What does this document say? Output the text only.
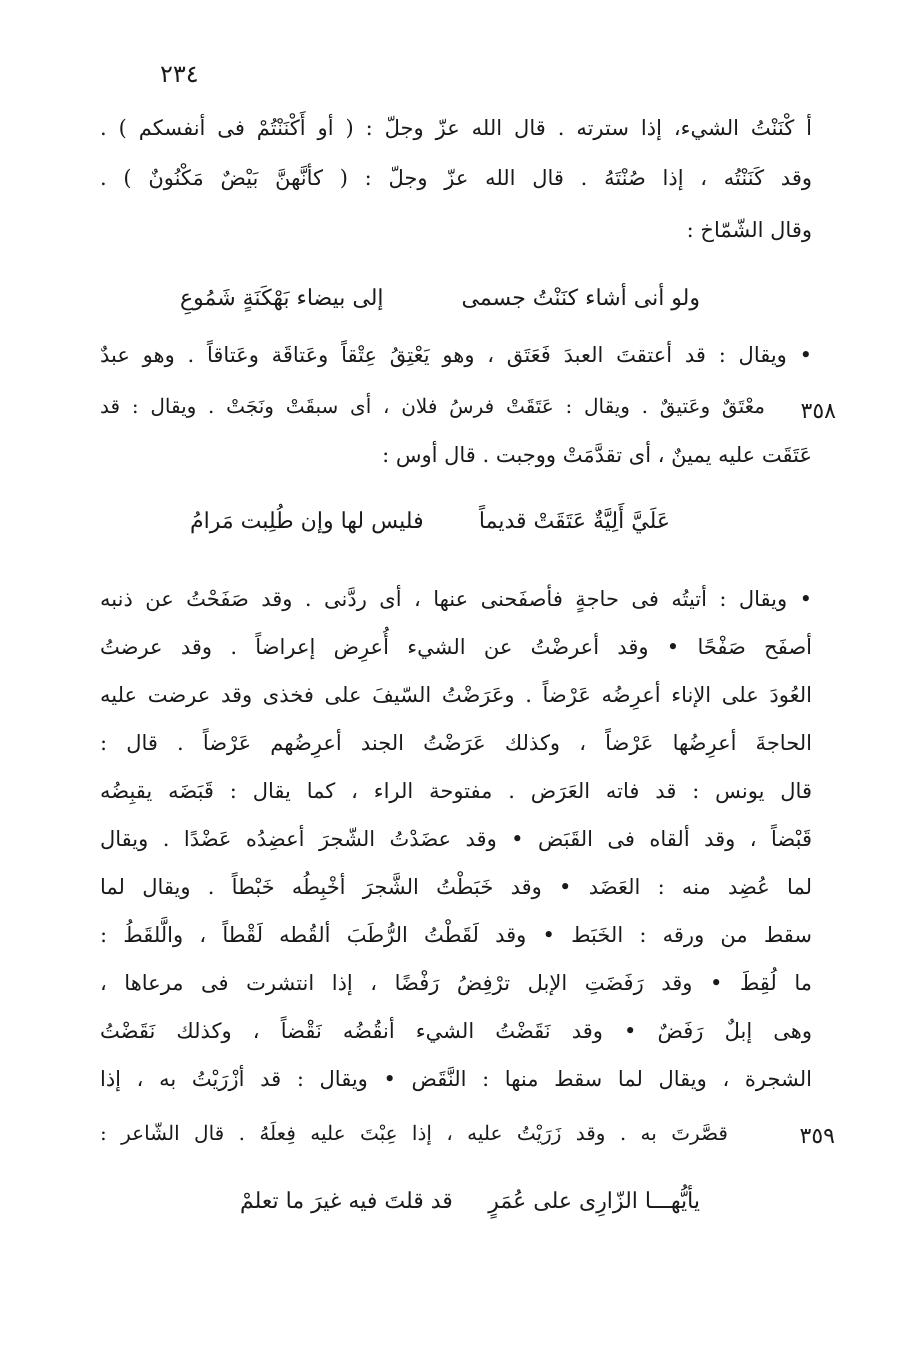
٢٣٤
أ كْنَنْتُ الشيء، إذا سترته . قال الله عزّ وجلّ : ( أو أَكْنَنْتُمْ فى أنفسكم ) .
وقد كَنَنْتُه ، إذا صُنْتَهُ . قال الله عزّ وجلّ : ( كأنَّهنَّ بَيْضٌ مَكْنُونٌ ) .
وقال الشّمّاخ :
ولو أنى أشاء كنَنْتُ جسمى
إلى بيضاء بَهْكَنَةٍ شَمُوعِ
• ويقال : قد أعتقتَ العبدَ فَعَتَق ، وهو يَعْتِقُ عِتْقاً وعَتاقَة وعَتاقاً . وهو عبدٌ
معْتَقٌ وعَتيقٌ . ويقال : عَتَقَتْ فرسُ فلان ، أى سبقَتْ ونَجَتْ . ويقال : قد	٣٥٨
عَتَقَت عليه يمينٌ ، أى تقدَّمَتْ ووجبت . قال أوس :
عَلَيَّ أَلِيَّةٌ عَتَقَتْ قديماً
فليس لها وإن طُلِبت مَرامُ
• ويقال : أتيتُه فى حاجةٍ فأصفَحنى عنها ، أى ردَّنى . وقد صَفَحْتُ عن ذنبه
أصفَح صَفْحًا • وقد أعرضْتُ عن الشيء أُعرِض إعراضاً . وقد عرضتُ
العُودَ على الإناء أعرِضُه عَرْضاً . وعَرَضْتُ السّيفَ على فخذى وقد عرضت عليه
الحاجةَ أعرِضُها عَرْضاً ، وكذلك عَرَضْتُ الجند أعرِضُهم عَرْضاً . قال :
قال يونس : قد فاته العَرَض . مفتوحة الراء ، كما يقال : قَبَضَه يقبِضُه
قَبْضاً ، وقد ألقاه فى القَبَض • وقد عضَدْتُ الشّجرَ أعضِدُه عَضْدًا . ويقال
لما عُضِد منه : العَضَد • وقد خَبَطْتُ الشَّجرَ أخْبِطُه خَبْطاً . ويقال لما
سقط من ورقه : الخَبَط • وقد لَقَطْتُ الرُّطَبَ ألقُطه لَقْطاً ، والَّلقَطُ :
ما لُقِطَ • وقد رَفَضَتِ الإبل ترْفِضُ رَفْضًا ، إذا انتشرت فى مرعاها ،
وهى إبلٌ رَفَضٌ • وقد نَقَضْتُ الشيء أنقُضُه نَقْضاً ، وكذلك نَقَضْتُ
الشجرة ، ويقال لما سقط منها : النَّقَض • ويقال : قد أزْرَيْتُ به ، إذا
قصَّرتَ به . وقد زَرَيْتُ عليه ، إذا عِبْتَ عليه فِعلَهُ . قال الشّاعر :	٣٥٩
يأيُّهـــا الزّارِى على عُمَرٍ
قد قلتَ فيه غيرَ ما تعلمْ
